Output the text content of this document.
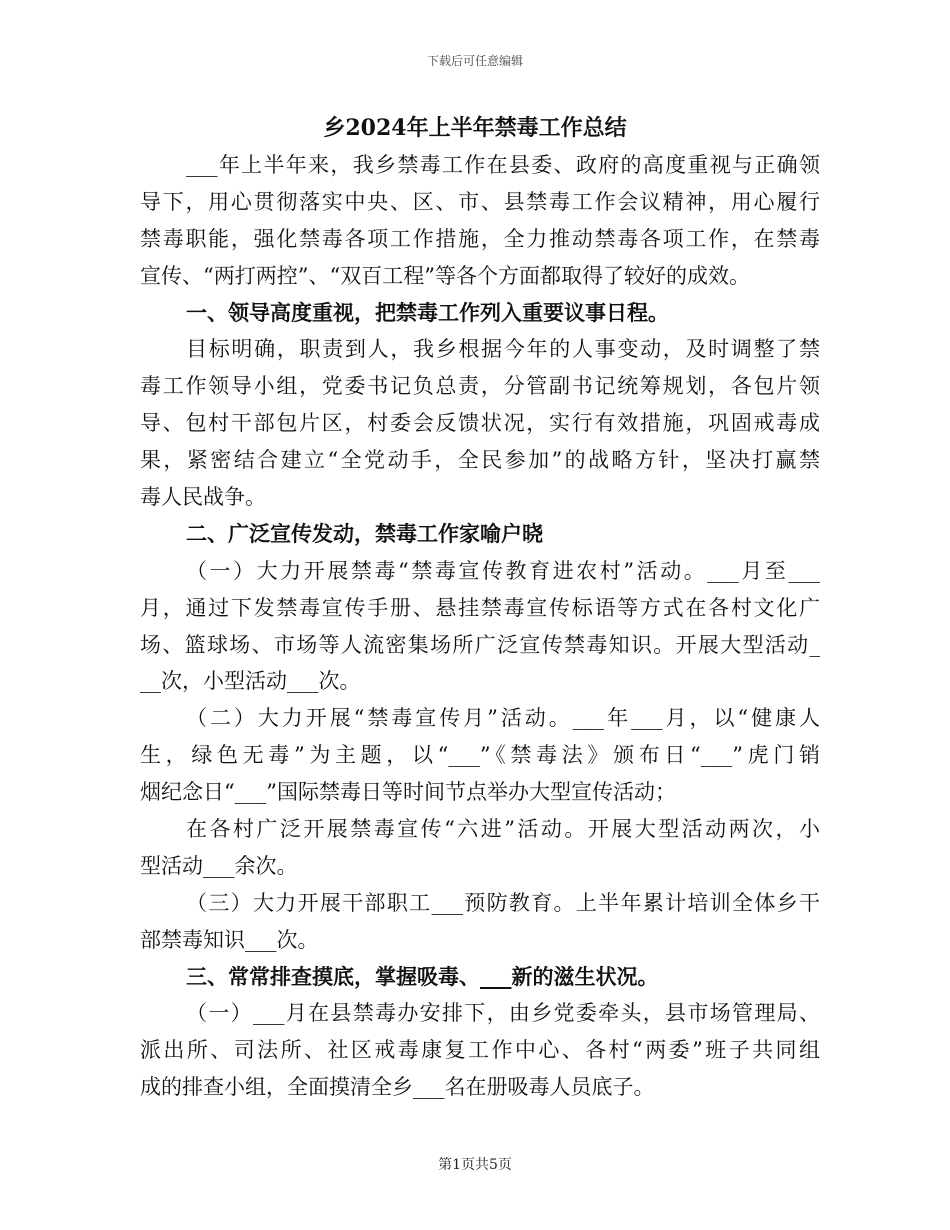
下载后可任意编辑
乡2024年上半年禁毒工作总结
___年上半年来，我乡禁毒工作在县委、政府的高度重视与正确领
导下，用心贯彻落实中央、区、市、县禁毒工作会议精神，用心履行
禁毒职能，强化禁毒各项工作措施，全力推动禁毒各项工作，在禁毒
宣传、“两打两控”、“双百工程”等各个方面都取得了较好的成效。
一、领导高度重视，把禁毒工作列入重要议事日程。
目标明确，职责到人，我乡根据今年的人事变动，及时调整了禁
毒工作领导小组，党委书记负总责，分管副书记统筹规划，各包片领
导、包村干部包片区，村委会反馈状况，实行有效措施，巩固戒毒成
果，紧密结合建立“全党动手，全民参加”的战略方针，坚决打赢禁
毒人民战争。
二、广泛宣传发动，禁毒工作家喻户晓
（一）大力开展禁毒“禁毒宣传教育进农村”活动。___月至___
月，通过下发禁毒宣传手册、悬挂禁毒宣传标语等方式在各村文化广
场、篮球场、市场等人流密集场所广泛宣传禁毒知识。开展大型活动_
__次，小型活动___次。
（二）大力开展“禁毒宣传月”活动。___年___月，以“健康人
生，绿色无毒”为主题，以“___”《禁毒法》颁布日“___”虎门销
烟纪念日“___”国际禁毒日等时间节点举办大型宣传活动；
在各村广泛开展禁毒宣传“六进”活动。开展大型活动两次，小
型活动___余次。
（三）大力开展干部职工___预防教育。上半年累计培训全体乡干
部禁毒知识___次。
三、常常排查摸底，掌握吸毒、___新的滋生状况。
（一）___月在县禁毒办安排下，由乡党委牵头，县市场管理局、
派出所、司法所、社区戒毒康复工作中心、各村“两委”班子共同组
成的排查小组，全面摸清全乡___名在册吸毒人员底子。
第1页共5页
